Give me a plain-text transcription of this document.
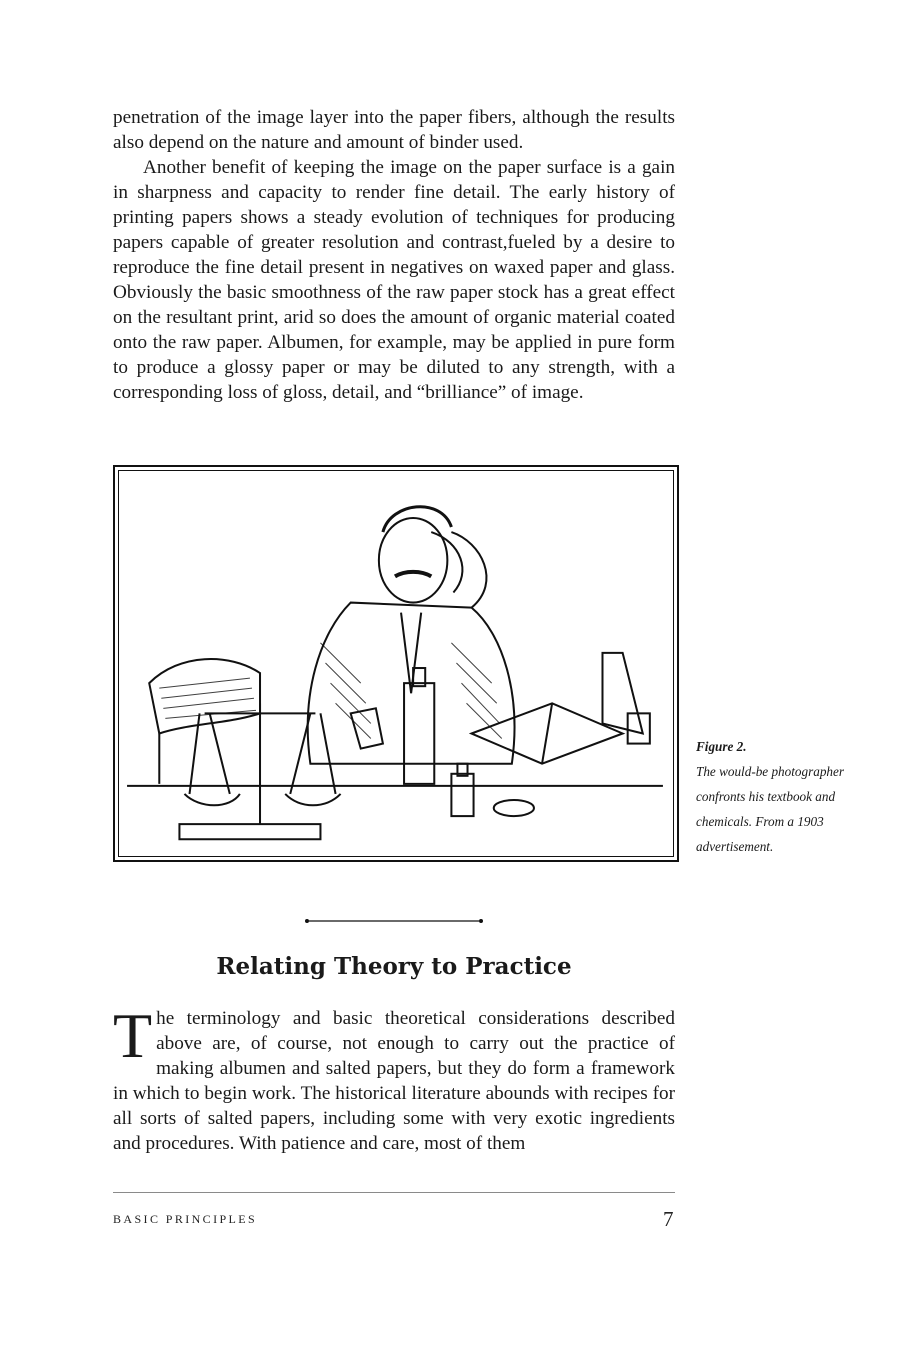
penetration of the image layer into the paper fibers, although the results also depend on the nature and amount of binder used.

Another benefit of keeping the image on the paper surface is a gain in sharpness and capacity to render fine detail. The early history of printing papers shows a steady evolution of techniques for producing papers capable of greater resolution and contrast,fueled by a desire to reproduce the fine detail present in negatives on waxed paper and glass. Obviously the basic smoothness of the raw paper stock has a great effect on the resultant print, arid so does the amount of organic material coated onto the raw paper. Albumen, for example, may be applied in pure form to produce a glossy paper or may be diluted to any strength, with a corresponding loss of gloss, detail, and “brilliance” of image.

Figure 2.
The would-be photographer
confronts his textbook and
chemicals. From a 1903
advertisement.
Relating Theory to Practice

The terminology and basic theoretical considerations described above are, of course, not enough to carry out the practice of making albumen and salted papers, but they do form a framework in which to begin work. The historical literature abounds with recipes for all sorts of salted papers, including some with very exotic ingredients and procedures. With patience and care, most of them

BASIC PRINCIPLES	7
